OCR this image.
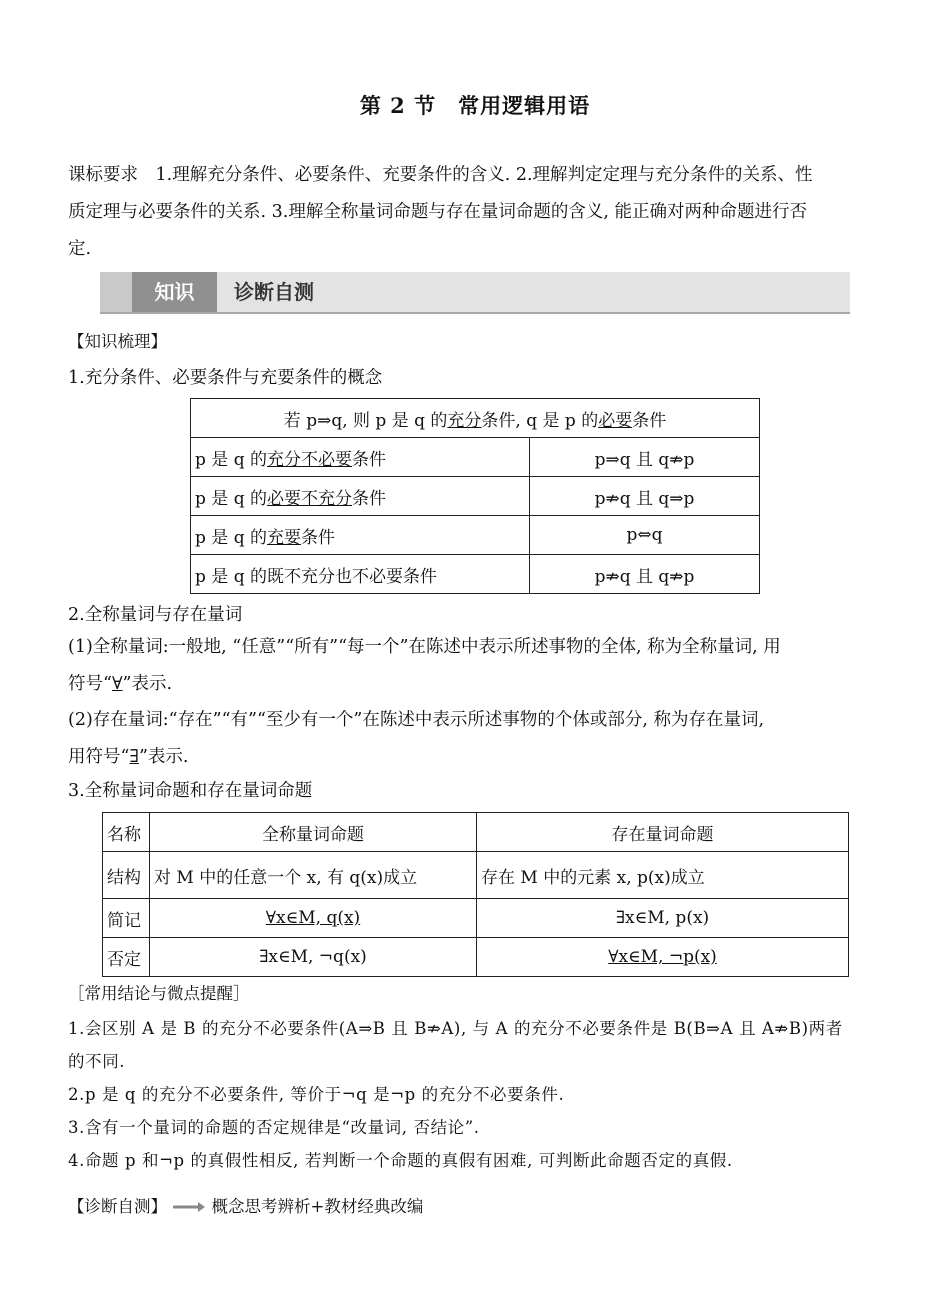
第 2 节　常用逻辑用语
课标要求　1.理解充分条件、必要条件、充要条件的含义. 2.理解判定定理与充分条件的关系、性
质定理与必要条件的关系. 3.理解全称量词命题与存在量词命题的含义, 能正确对两种命题进行否
定.
知识	诊断自测
【知识梳理】
1.充分条件、必要条件与充要条件的概念
若 p⇒q, 则 p 是 q 的充分条件, q 是 p 的必要条件	
p 是 q 的充分不必要条件	p⇒q 且 q⇏p
p 是 q 的必要不充分条件	p⇏q 且 q⇒p
p 是 q 的充要条件	p⇔q
p 是 q 的既不充分也不必要条件	p⇏q 且 q⇏p
2.全称量词与存在量词
(1)全称量词:一般地, “任意”“所有”“每一个”在陈述中表示所述事物的全体, 称为全称量词, 用
符号“∀”表示.
(2)存在量词:“存在”“有”“至少有一个”在陈述中表示所述事物的个体或部分, 称为存在量词,
用符号“∃”表示.
3.全称量词命题和存在量词命题
名称	全称量词命题	存在量词命题
结构	对 M 中的任意一个 x, 有 q(x)成立	存在 M 中的元素 x, p(x)成立
简记	∀x∈M, q(x)	∃x∈M, p(x)
否定	∃x∈M, ¬q(x)	∀x∈M, ¬p(x)
［常用结论与微点提醒］
1.会区别 A 是 B 的充分不必要条件(A⇒B 且 B⇏A), 与 A 的充分不必要条件是 B(B⇒A 且 A⇏B)两者
的不同.
2.p 是 q 的充分不必要条件, 等价于¬q 是¬p 的充分不必要条件.
3.含有一个量词的命题的否定规律是“改量词, 否结论”.
4.命题 p 和¬p 的真假性相反, 若判断一个命题的真假有困难, 可判断此命题否定的真假.
【诊断自测】	概念思考辨析+教材经典改编
